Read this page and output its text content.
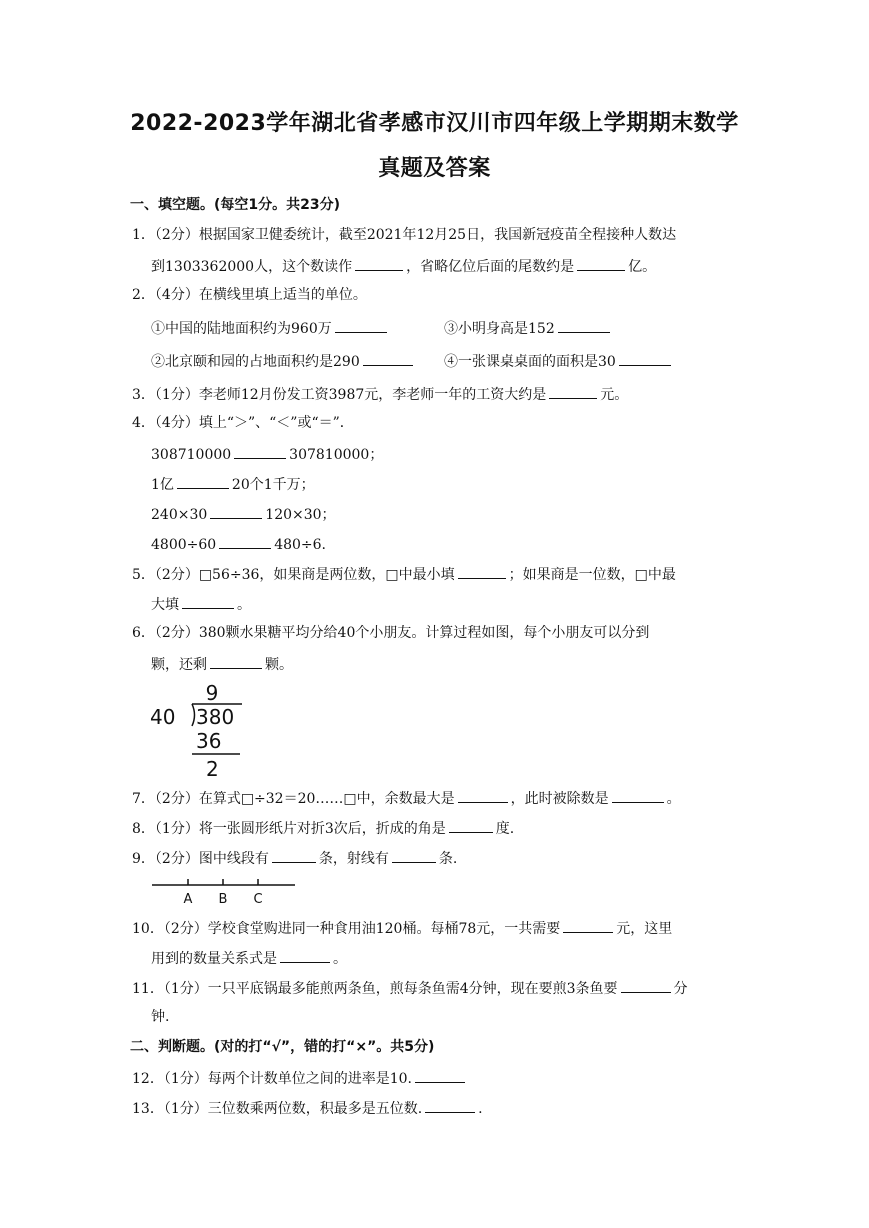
2022-2023学年湖北省孝感市汉川市四年级上学期期末数学
真题及答案
一、填空题。(每空1分。共23分)
1．（2分）根据国家卫健委统计，截至2021年12月25日，我国新冠疫苗全程接种人数达
到1303362000人，这个数读作	，省略亿位后面的尾数约是	亿。
2．（4分）在横线里填上适当的单位。
①中国的陆地面积约为960万	③小明身高是152
②北京颐和园的占地面积约是290	④一张课桌桌面的面积是30
3．（1分）李老师12月份发工资3987元，李老师一年的工资大约是	元。
4．（4分）填上“＞”、“＜”或“＝”．
308710000	307810000；
1亿	20个1千万；
240×30	120×30；
4800÷60	480÷6.
5．（2分）□56÷36，如果商是两位数，□中最小填	；如果商是一位数，□中最
大填	。
6．（2分）380颗水果糖平均分给40个小朋友。计算过程如图，每个小朋友可以分到
颗，还剩	颗。
9
40 380
36
2
7．（2分）在算式□÷32＝20……□中，余数最大是	，此时被除数是	。
8．（1分）将一张圆形纸片对折3次后，折成的角是	度.
9．（2分）图中线段有	条，射线有	条.
A B C
10．（2分）学校食堂购进同一种食用油120桶。每桶78元，一共需要	元，这里
用到的数量关系式是	。
11．（1分）一只平底锅最多能煎两条鱼，煎每条鱼需4分钟，现在要煎3条鱼要	分
钟.
二、判断题。(对的打“√”，错的打“×”。共5分)
12．（1分）每两个计数单位之间的进率是10.
13．（1分）三位数乘两位数，积最多是五位数.	.
